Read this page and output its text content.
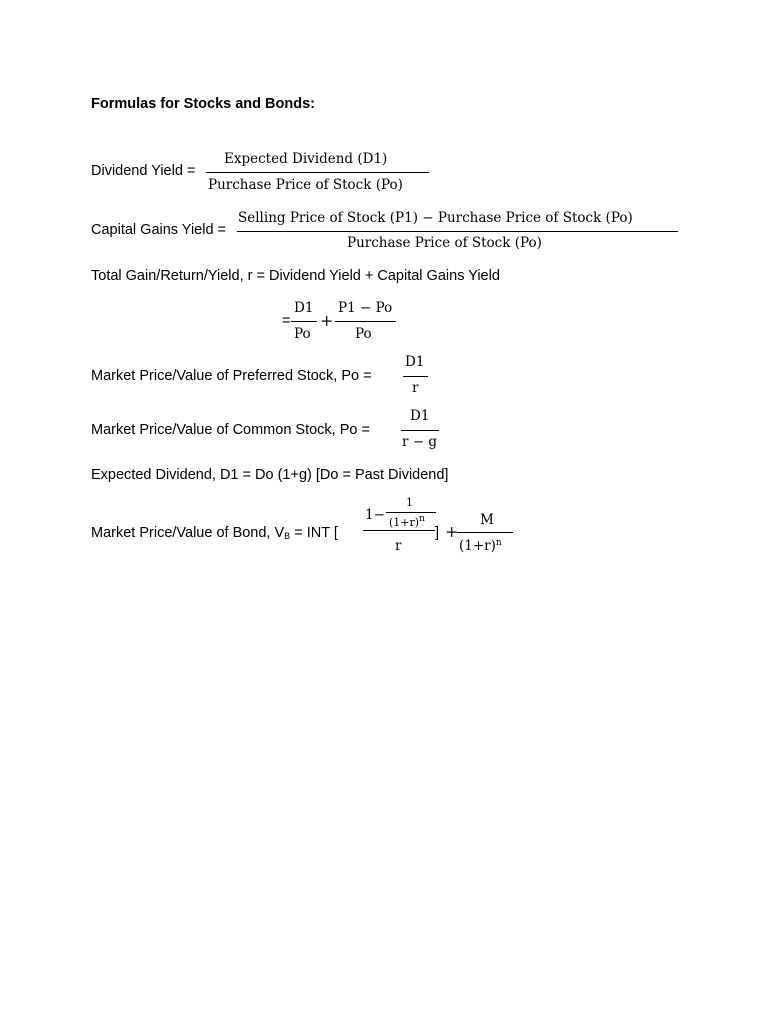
Formulas for Stocks and Bonds:
Dividend Yield =
Expected Dividend (D1)
Purchase Price of Stock (Po)
Capital Gains Yield =
Selling Price of Stock (P1) − Purchase Price of Stock (Po)
Purchase Price of Stock (Po)
Total Gain/Return/Yield, r = Dividend Yield + Capital Gains Yield
=
D1
Po
+
P1 − Po
Po
Market Price/Value of Preferred Stock, Po =
D1
r
Market Price/Value of Common Stock, Po =
D1
r − g
Expected Dividend, D1 = Do (1+g) [Do = Past Dividend]
Market Price/Value of Bond, $V_B$ = INT [
1−
1
$(1+r)^n$
r
] +
M
$(1+r)^n$
